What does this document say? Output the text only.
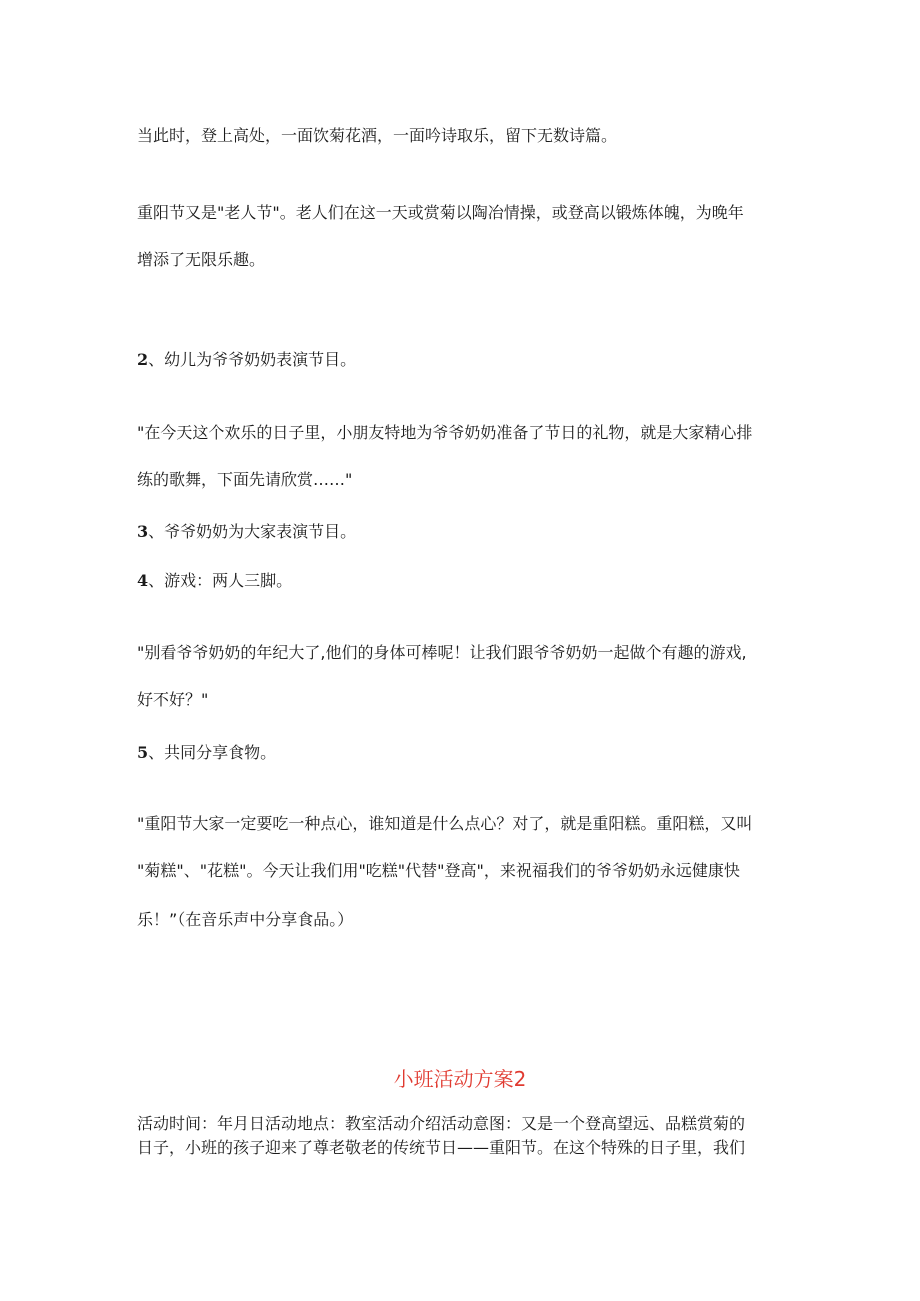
当此时，登上高处，一面饮菊花酒，一面吟诗取乐，留下无数诗篇。

重阳节又是"老人节"。老人们在这一天或赏菊以陶冶情操，或登高以锻炼体魄，为晚年

增添了无限乐趣。

2、幼儿为爷爷奶奶表演节目。

"在今天这个欢乐的日子里，小朋友特地为爷爷奶奶准备了节日的礼物，就是大家精心排

练的歌舞，下面先请欣赏……"

3、爷爷奶奶为大家表演节目。

4、游戏：两人三脚。

"别看爷爷奶奶的年纪大了,他们的身体可棒呢！让我们跟爷爷奶奶一起做个有趣的游戏,

好不好？"

5、共同分享食物。

"重阳节大家一定要吃一种点心，谁知道是什么点心？对了，就是重阳糕。重阳糕，又叫

"菊糕"、"花糕"。今天让我们用"吃糕"代替"登高"，来祝福我们的爷爷奶奶永远健康快

乐！”（在音乐声中分享食品。）

小班活动方案2

活动时间：年月日活动地点：教室活动介绍活动意图：又是一个登高望远、品糕赏菊的

日子，小班的孩子迎来了尊老敬老的传统节日——重阳节。在这个特殊的日子里，我们
